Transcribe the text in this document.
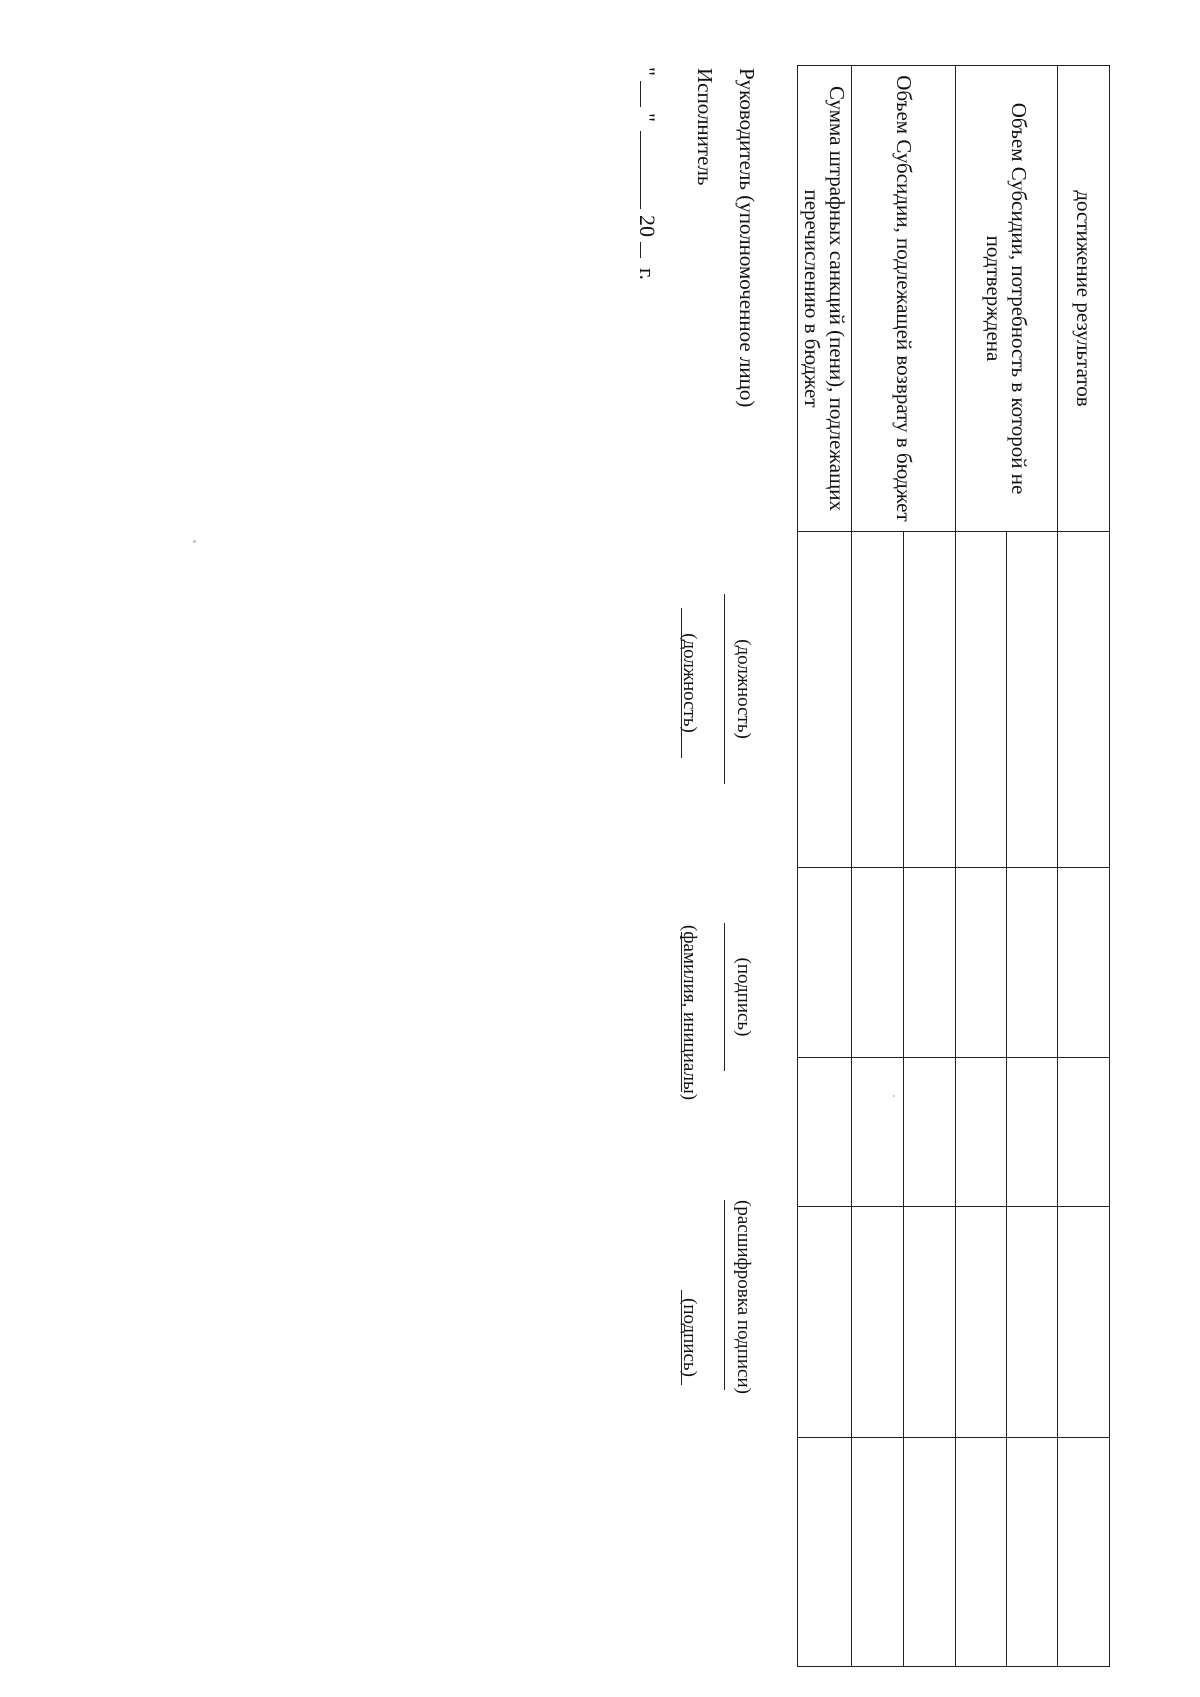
достижение результатов					
Объем Субсидии, потребность в которой не подтверждена					

Объем Субсидии, подлежащей возврату в бюджет					

Сумма штрафных санкций (пени), подлежащих перечислению в бюджет					
Руководитель (уполномоченное лицо)
(должность)
(подпись)
(расшифровка подписи)
Исполнитель
(должность)
(фамилия, инициалы)
(подпись)
"  "  20  г.
